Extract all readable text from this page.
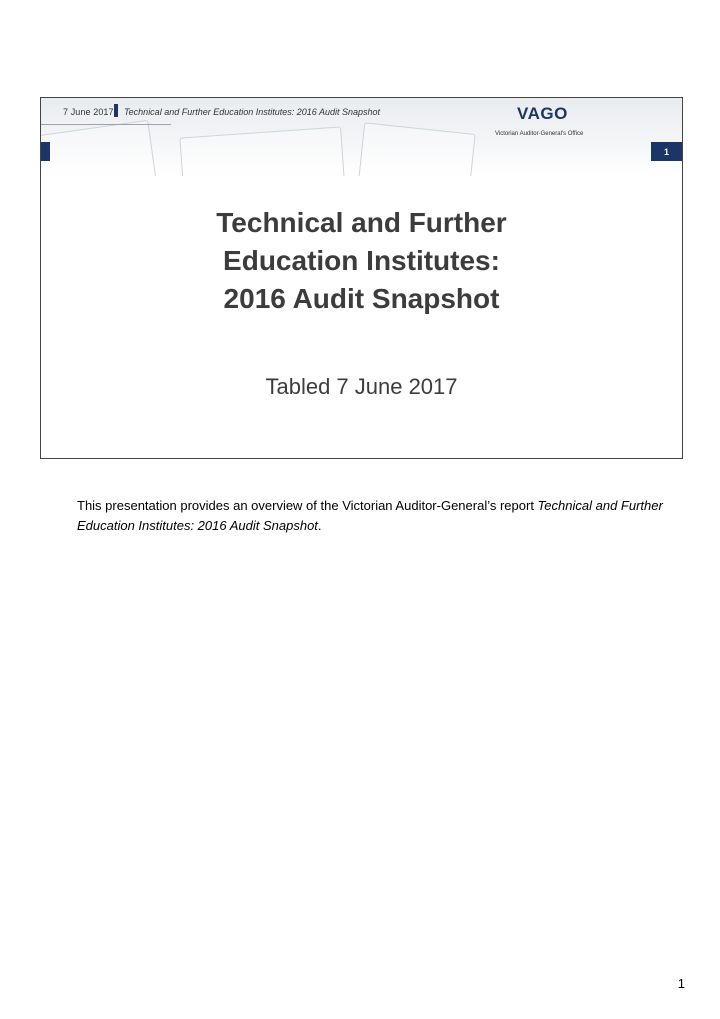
7 June 2017 Technical and Further Education Institutes: 2016 Audit Snapshot	VAGO
Victorian Auditor-General's Office
1
Technical and Further
Education Institutes:
2016 Audit Snapshot
Tabled 7 June 2017

This presentation provides an overview of the Victorian Auditor-General’s report Technical and Further Education Institutes: 2016 Audit Snapshot.

1
